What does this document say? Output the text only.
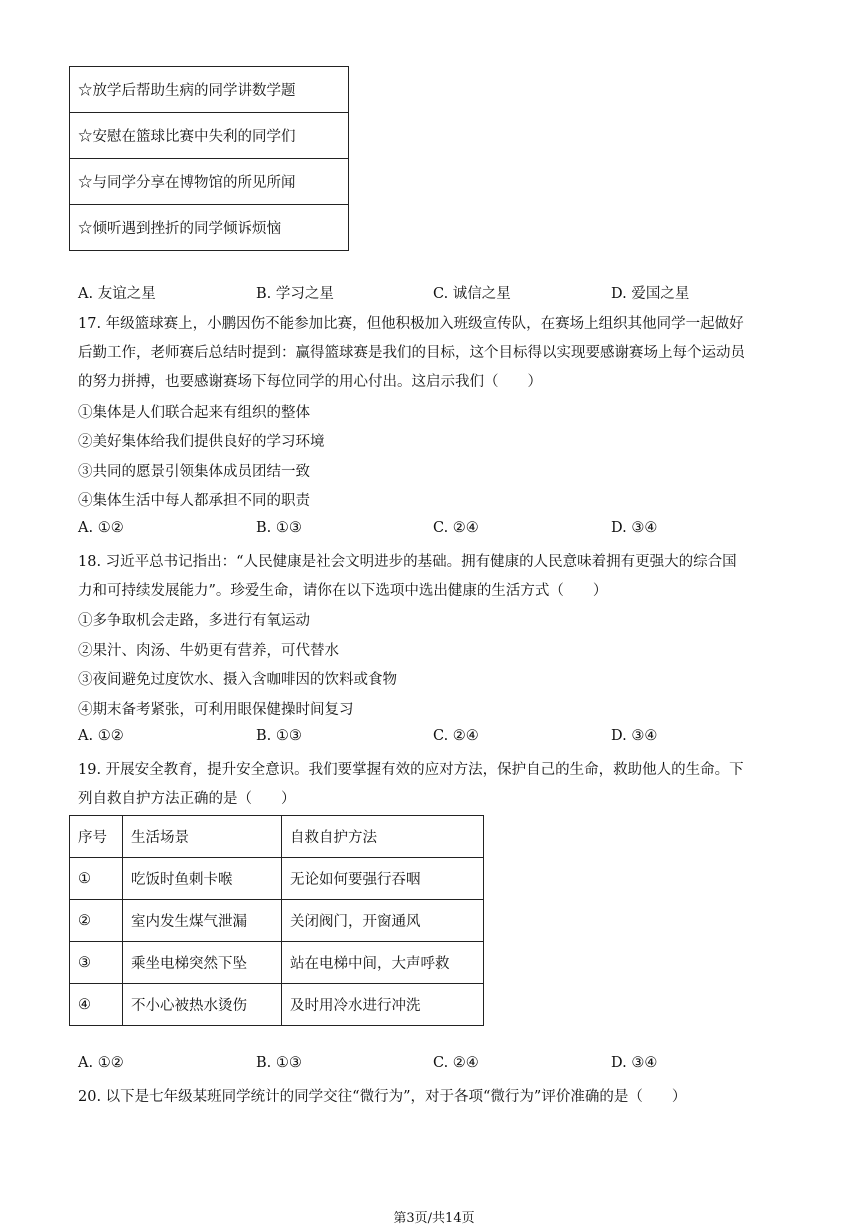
☆放学后帮助生病的同学讲数学题
☆安慰在篮球比赛中失利的同学们
☆与同学分享在博物馆的所见所闻
☆倾听遇到挫折的同学倾诉烦恼
A. 友谊之星	B. 学习之星	C. 诚信之星	D. 爱国之星
17. 年级篮球赛上，小鹏因伤不能参加比赛，但他积极加入班级宣传队，在赛场上组织其他同学一起做好
后勤工作，老师赛后总结时提到：赢得篮球赛是我们的目标，这个目标得以实现要感谢赛场上每个运动员
的努力拼搏，也要感谢赛场下每位同学的用心付出。这启示我们（　　）
①集体是人们联合起来有组织的整体
②美好集体给我们提供良好的学习环境
③共同的愿景引领集体成员团结一致
④集体生活中每人都承担不同的职责
A. ①②	B. ①③	C. ②④	D. ③④
18. 习近平总书记指出：“人民健康是社会文明进步的基础。拥有健康的人民意味着拥有更强大的综合国
力和可持续发展能力”。珍爱生命，请你在以下选项中选出健康的生活方式（　　）
①多争取机会走路，多进行有氧运动
②果汁、肉汤、牛奶更有营养，可代替水
③夜间避免过度饮水、摄入含咖啡因的饮料或食物
④期末备考紧张，可利用眼保健操时间复习
A. ①②	B. ①③	C. ②④	D. ③④
19. 开展安全教育，提升安全意识。我们要掌握有效的应对方法，保护自己的生命，救助他人的生命。下
列自救自护方法正确的是（　　）
序号	生活场景	自救自护方法
①	吃饭时鱼刺卡喉	无论如何要强行吞咽
②	室内发生煤气泄漏	关闭阀门，开窗通风
③	乘坐电梯突然下坠	站在电梯中间，大声呼救
④	不小心被热水烫伤	及时用冷水进行冲洗
A. ①②	B. ①③	C. ②④	D. ③④
20. 以下是七年级某班同学统计的同学交往“微行为”，对于各项“微行为”评价准确的是（　　）
第3页/共14页
